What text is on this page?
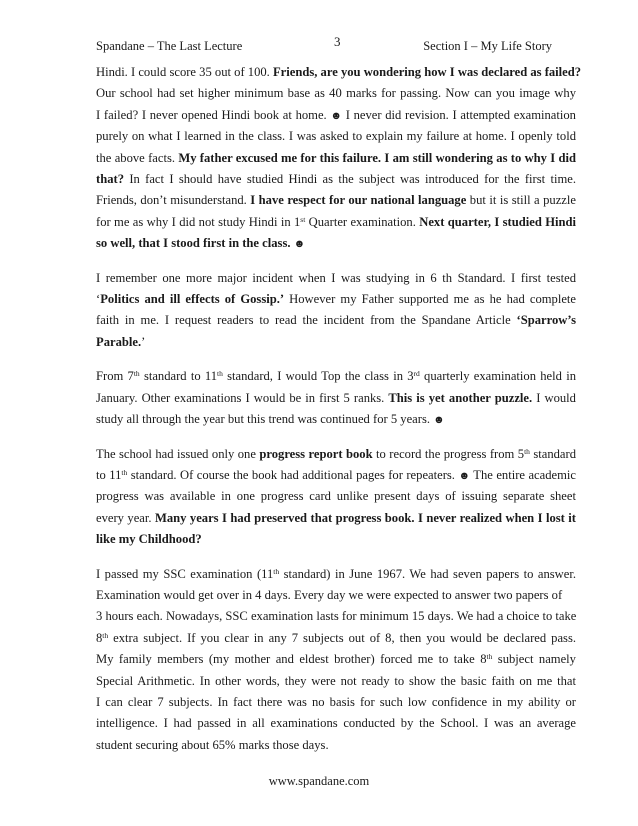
Spandane – The Last Lecture	3	Section I – My Life Story

Hindi. I could score 35 out of 100. Friends, are you wondering how I was declared as failed?
Our school had set higher minimum base as 40 marks for passing. Now can you image why
I failed? I never opened Hindi book at home. ☻ I never did revision. I attempted examination
purely on what I learned in the class. I was asked to explain my failure at home. I openly told
the above facts. My father excused me for this failure. I am still wondering as to why I did
that? In fact I should have studied Hindi as the subject was introduced for the first time.
Friends, don’t misunderstand. I have respect for our national language but it is still a puzzle
for me as why I did not study Hindi in 1st Quarter examination. Next quarter, I studied Hindi
so well, that I stood first in the class. ☻

I remember one more major incident when I was studying in 6 th Standard. I first tested
‘Politics and ill effects of Gossip.’ However my Father supported me as he had complete
faith in me. I request readers to read the incident from the Spandane Article ‘Sparrow’s
Parable.’

From 7th standard to 11th standard, I would Top the class in 3rd quarterly examination held in
January. Other examinations I would be in first 5 ranks. This is yet another puzzle. I would
study all through the year but this trend was continued for 5 years. ☻

The school had issued only one progress report book to record the progress from 5th standard
to 11th standard. Of course the book had additional pages for repeaters. ☻ The entire academic
progress was available in one progress card unlike present days of issuing separate sheet
every year. Many years I had preserved that progress book. I never realized when I lost it
like my Childhood?

I passed my SSC examination (11th standard) in June 1967. We had seven papers to answer.
Examination would get over in 4 days. Every day we were expected to answer two papers of
3 hours each. Nowadays, SSC examination lasts for minimum 15 days. We had a choice to take
8th extra subject. If you clear in any 7 subjects out of 8, then you would be declared pass.
My family members (my mother and eldest brother) forced me to take 8th subject namely
Special Arithmetic. In other words, they were not ready to show the basic faith on me that
I can clear 7 subjects. In fact there was no basis for such low confidence in my ability or
intelligence. I had passed in all examinations conducted by the School. I was an average
student securing about 65% marks those days.

www.spandane.com
